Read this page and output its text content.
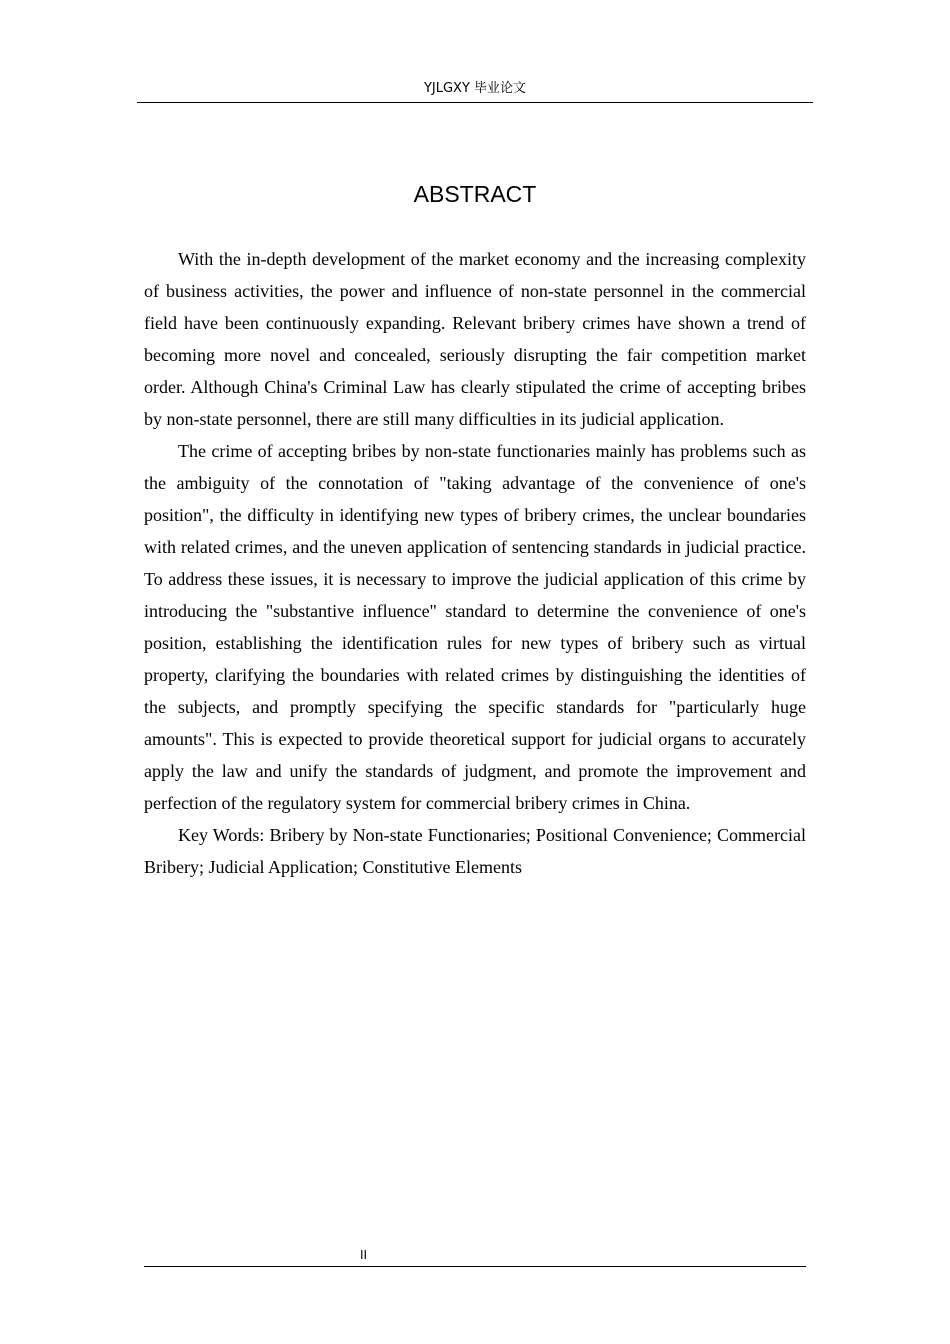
YJLGXY 毕业论文
ABSTRACT

With the in-depth development of the market economy and the increasing complexity of business activities, the power and influence of non-state personnel in the commercial field have been continuously expanding. Relevant bribery crimes have shown a trend of becoming more novel and concealed, seriously disrupting the fair competition market order. Although China's Criminal Law has clearly stipulated the crime of accepting bribes by non-state personnel, there are still many difficulties in its judicial application.

The crime of accepting bribes by non-state functionaries mainly has problems such as the ambiguity of the connotation of "taking advantage of the convenience of one's position", the difficulty in identifying new types of bribery crimes, the unclear boundaries with related crimes, and the uneven application of sentencing standards in judicial practice. To address these issues, it is necessary to improve the judicial application of this crime by introducing the "substantive influence" standard to determine the convenience of one's position, establishing the identification rules for new types of bribery such as virtual property, clarifying the boundaries with related crimes by distinguishing the identities of the subjects, and promptly specifying the specific standards for "particularly huge amounts". This is expected to provide theoretical support for judicial organs to accurately apply the law and unify the standards of judgment, and promote the improvement and perfection of the regulatory system for commercial bribery crimes in China.

Key Words: Bribery by Non-state Functionaries; Positional Convenience; Commercial Bribery; Judicial Application; Constitutive Elements

II
